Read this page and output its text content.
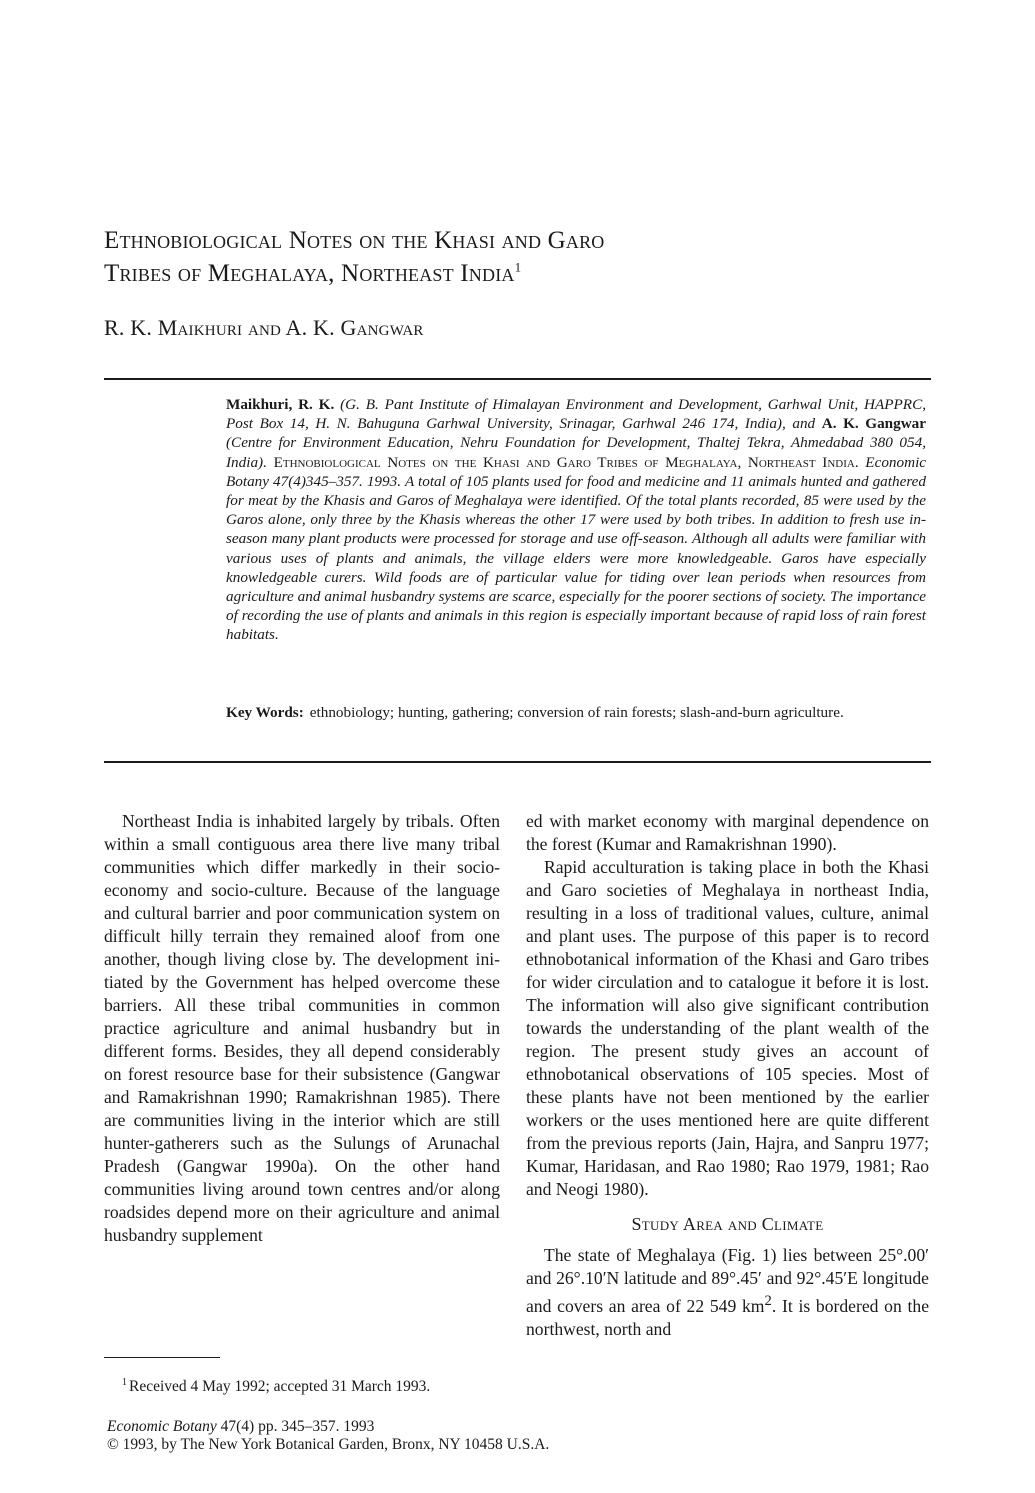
Ethnobiological Notes on the Khasi and Garo
Tribes of Meghalaya, Northeast India$^1$
R. K. Maikhuri and A. K. Gangwar
Maikhuri, R. K. (G. B. Pant Institute of Himalayan Environment and Development, Garhwal Unit, HAPPRC, Post Box 14, H. N. Bahuguna Garhwal University, Srinagar, Garhwal 246 174, India), and A. K. Gangwar (Centre for Environment Education, Nehru Foundation for Development, Thaltej Tekra, Ahmedabad 380 054, India). Ethnobiological Notes on the Khasi and Garo Tribes of Meghalaya, Northeast India. Economic Botany 47(4)345–357. 1993. A total of 105 plants used for food and medicine and 11 animals hunted and gathered for meat by the Khasis and Garos of Meghalaya were identified. Of the total plants recorded, 85 were used by the Garos alone, only three by the Khasis whereas the other 17 were used by both tribes. In addition to fresh use in-season many plant products were processed for storage and use off-season. Although all adults were familiar with various uses of plants and animals, the village elders were more knowledgeable. Garos have especially knowledgeable curers. Wild foods are of particular value for tiding over lean periods when resources from agriculture and animal husbandry systems are scarce, especially for the poorer sections of society. The importance of recording the use of plants and animals in this region is especially important because of rapid loss of rain forest habitats.
Key Words: ethnobiology; hunting, gathering; conversion of rain forests; slash-and-burn agriculture.

Northeast India is inhabited largely by tribals. Often within a small contiguous area there live many tribal communities which differ markedly in their socio-economy and socio-culture. Because of the language and cultural barrier and poor communication system on difficult hilly terrain they remained aloof from one another, though living close by. The development initiated by the Government has helped overcome these barriers. All these tribal communities in common practice agriculture and animal husbandry but in different forms. Besides, they all depend considerably on forest resource base for their subsistence (Gangwar and Ramakrishnan 1990; Ramakrishnan 1985). There are communities living in the interior which are still hunter-gatherers such as the Sulungs of Arunachal Pradesh (Gangwar 1990a). On the other hand communities living around town centres and/or along roadsides depend more on their agriculture and animal husbandry supplement

ed with market economy with marginal dependence on the forest (Kumar and Ramakrishnan 1990).

Rapid acculturation is taking place in both the Khasi and Garo societies of Meghalaya in northeast India, resulting in a loss of traditional values, culture, animal and plant uses. The purpose of this paper is to record ethnobotanical information of the Khasi and Garo tribes for wider circulation and to catalogue it before it is lost. The information will also give significant contribution towards the understanding of the plant wealth of the region. The present study gives an account of ethnobotanical observations of 105 species. Most of these plants have not been mentioned by the earlier workers or the uses mentioned here are quite different from the previous reports (Jain, Hajra, and Sanpru 1977; Kumar, Haridasan, and Rao 1980; Rao 1979, 1981; Rao and Neogi 1980).

Study Area and Climate

The state of Meghalaya (Fig. 1) lies between 25°.00′ and 26°.10′N latitude and 89°.45′ and 92°.45′E longitude and covers an area of 22 549 $km^2$. It is bordered on the northwest, north and

$^1$ Received 4 May 1992; accepted 31 March 1993.
Economic Botany 47(4) pp. 345–357. 1993
© 1993, by The New York Botanical Garden, Bronx, NY 10458 U.S.A.
